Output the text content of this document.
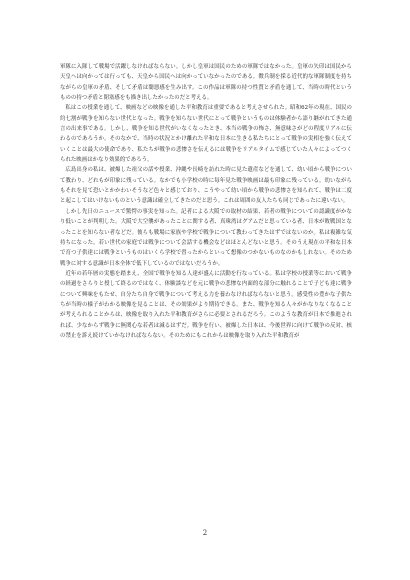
軍隊に入隊して戦場で活躍しなければならない。しかし皇軍は国民のための軍隊ではなかった。皇軍の矢印は国民から天皇へは向かっては行っても、天皇から国民へは向かっていなかったのである。徴兵制を採る近代的な軍隊制度を持ちながらの皇軍の矛盾、そして矛盾は闇悪感を生み出す。この作品は軍隊の持つ性質と矛盾を通して、当時の時代というものの持つ矛盾と閉塞感をも描き出したかったのだと考える。

私はこの授業を通して、映画などの映像を通した平和教育は重要であると考えさせられた。昭和62年の現在、国民の約七割が戦争を知らない世代となった。戦争を知らない世代にとって戦争というものは体験者から語り継がれてきた通言の出来事である。しかし、戦争を知る世代がいなくなったとき、本当の戦争の怖さ、無意味さがどの程度リアルに伝わるのであろうか。そのなかで、当時の状況とかけ離れた平和な日本に生きる私たちにとって戦争の実相を強く伝えていくことは最大の使命であり、私たちが戦争の悲惨さを伝えるには戦争をリアルタイムで感じていた人々によってつくられた映画はかなり効果的であろう。

広島出身の私は、被爆した祖父の話や授業、沖縄や長崎を訪れた時に見た遺産などを通して、幼い頃から戦争について教わり、どれもが印象に残っている。なかでも小学校の時に毎年見た戦争映画は最も印象に残っている。幼いながらもそれを見て恐いとかかわいそうなど色々と感じており、こうやって幼い頃から戦争の悲惨さを知られて、戦争は二度と起こしてはいけないものという意識は確立してきたのだと思う。これは周囲の友人たちも同じであったに違いない。

しかし先日のニュースで驚愕の事実を知った。記者による大阪での取材の結果、若者の戦争についての認識度がかなり低いことが判明した。大阪で大空襲があったことに関する者、真珠湾はグアムだと思っている者、日本が敗戦国となったことを知らない者などだ。彼らも戦場に家族や学校で戦争について教わってきたはずではないのか。私は複雑な気持ちになった。若い世代の家庭では戦争について会話する機会などはほとんどないと思う。そのうえ現在の平和な日本で育つ子供達には戦争というものはいくら学校で習ったからといって想像のつかないものなのかもしれない。そのため戦争に対する意識が日本全体で低下しているのではないだろうか。

近年の若年層の実態を踏まえ、全国で戦争を知る人達が盛んに活動を行なっている。私は学校の授業等において戦争の経過をさらりと授して終るのではなく、体験談などを元に戦争の悲惨な内面的な部分に触れることで子ども達に戦争について興味をもたせ、自分たち自身で戦争について考える力を養わなければならないと思う。感受性の豊かな子供たちが当時の様子がわかる映像を見ることは、その効果がより期待できる。また、戦争を知る人々がかなりなくなることが考えられることからは、映像を取り入れた平和教育がさらに必要とされるだろう。このような教育が日本で推進されれば、少なからず戦争に無関心な若者は減るはずだ。戦争を行い、被爆した日本は、今後世界に向けて戦争の反対、核の禁止を訴え続けていかなければならない。そのためにもこれからは映像を取り入れた平和教育が

2
